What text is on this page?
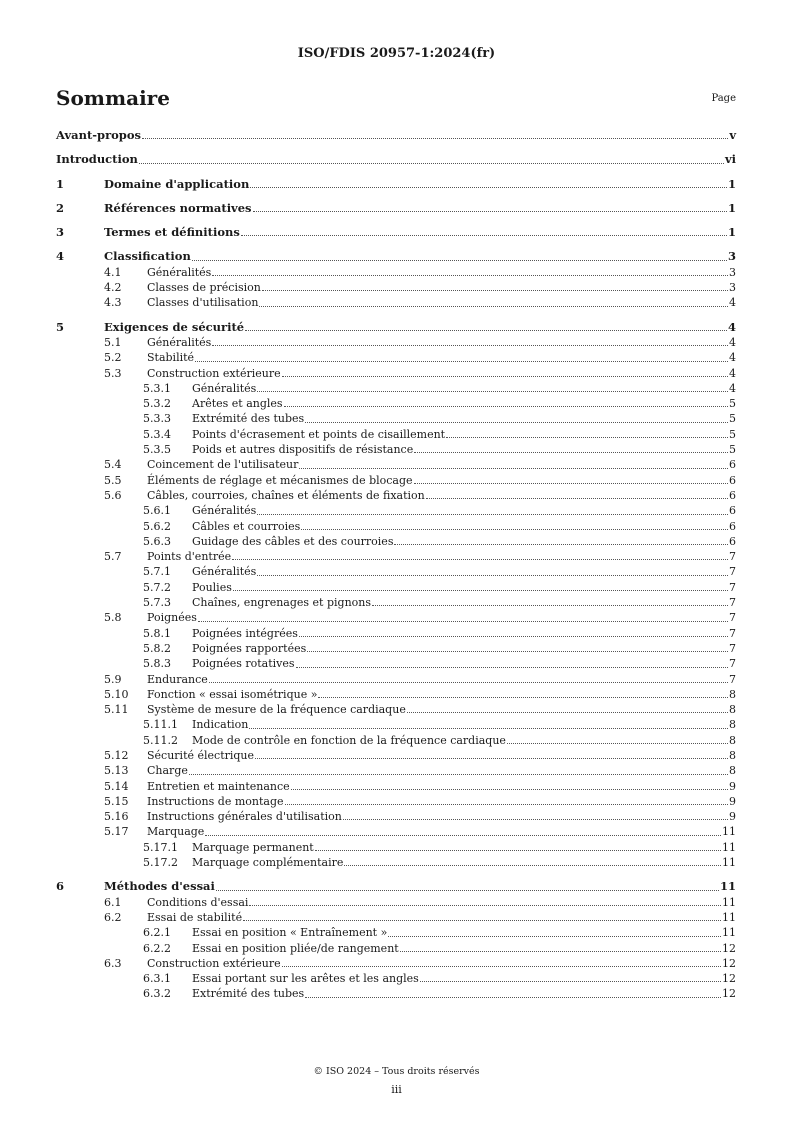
ISO/FDIS 20957-1:2024(fr)
Sommaire	Page
Avant-propos	v
Introduction	vi
1	Domaine d'application	1
2	Références normatives	1
3	Termes et définitions	1
4	Classification	3
4.1 Généralités	3
4.2 Classes de précision	3
4.3 Classes d'utilisation	4
5	Exigences de sécurité	4
5.1 Généralités	4
5.2 Stabilité	4
5.3 Construction extérieure	4
5.3.1 Généralités	4
5.3.2 Arêtes et angles	5
5.3.3 Extrémité des tubes	5
5.3.4 Points d'écrasement et points de cisaillement	5
5.3.5 Poids et autres dispositifs de résistance	5
5.4 Coincement de l'utilisateur	6
5.5 Éléments de réglage et mécanismes de blocage	6
5.6 Câbles, courroies, chaînes et éléments de fixation	6
5.6.1 Généralités	6
5.6.2 Câbles et courroies	6
5.6.3 Guidage des câbles et des courroies	6
5.7 Points d'entrée	7
5.7.1 Généralités	7
5.7.2 Poulies	7
5.7.3 Chaînes, engrenages et pignons	7
5.8 Poignées	7
5.8.1 Poignées intégrées	7
5.8.2 Poignées rapportées	7
5.8.3 Poignées rotatives	7
5.9 Endurance	7
5.10 Fonction « essai isométrique »	8
5.11 Système de mesure de la fréquence cardiaque	8
5.11.1 Indication	8
5.11.2 Mode de contrôle en fonction de la fréquence cardiaque	8
5.12 Sécurité électrique	8
5.13 Charge	8
5.14 Entretien et maintenance	9
5.15 Instructions de montage	9
5.16 Instructions générales d'utilisation	9
5.17 Marquage	11
5.17.1 Marquage permanent	11
5.17.2 Marquage complémentaire	11
6	Méthodes d'essai	11
6.1 Conditions d'essai	11
6.2 Essai de stabilité	11
6.2.1 Essai en position « Entraînement »	11
6.2.2 Essai en position pliée/de rangement	12
6.3 Construction extérieure	12
6.3.1 Essai portant sur les arêtes et les angles	12
6.3.2 Extrémité des tubes	12
© ISO 2024 – Tous droits réservés
iii
